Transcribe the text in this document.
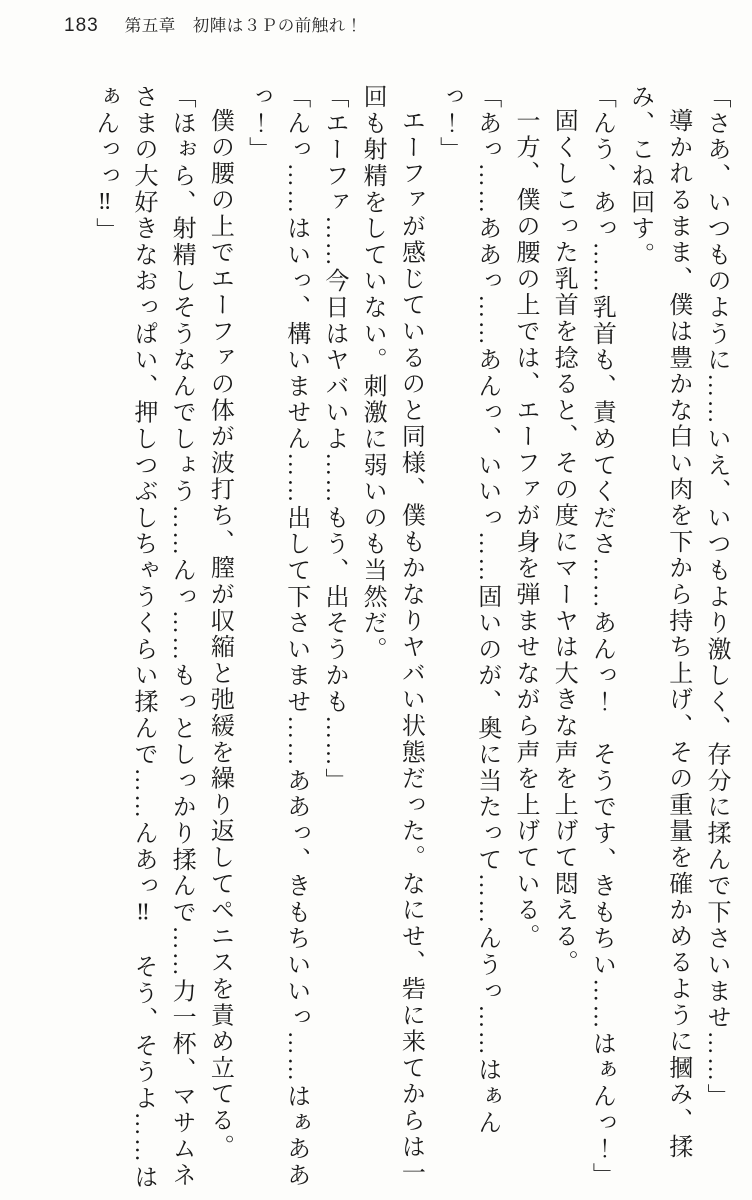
183 第五章　初陣は３Ｐの前触れ！

「さあ、いつものように……いえ、いつもより激しく、存分に揉んで下さいませ……」

導かれるまま、僕は豊かな白い肉を下から持ち上げ、その重量を確かめるように摑み、揉み、こね回す。

「んう、あっ……乳首も、責めてくださ……あんっ！　そうです、きもちい……はぁんっ！」

固くしこった乳首を捻ると、その度にマーヤは大きな声を上げて悶える。

一方、僕の腰の上では、エーファが身を弾ませながら声を上げている。

「あっ……ああっ……あんっ、いいっ……固いのが、奥に当たって……んうっ……はぁんっ！」

エーファが感じているのと同様、僕もかなりヤバい状態だった。なにせ、砦に来てからは一回も射精をしていない。刺激に弱いのも当然だ。

「エーファ……今日はヤバいよ……もう、出そうかも……」

「んっ……はいっ、構いません……出して下さいませ……ああっ、きもちいいっ……はぁああっ！」

僕の腰の上でエーファの体が波打ち、膣が収縮と弛緩を繰り返してペニスを責め立てる。

「ほぉら、射精しそうなんでしょう……んっ……もっとしっかり揉んで……力一杯、マサムネさまの大好きなおっぱい、押しつぶしちゃうくらい揉んで……んあっ‼　そう、そうよ……はぁんっっ‼」
